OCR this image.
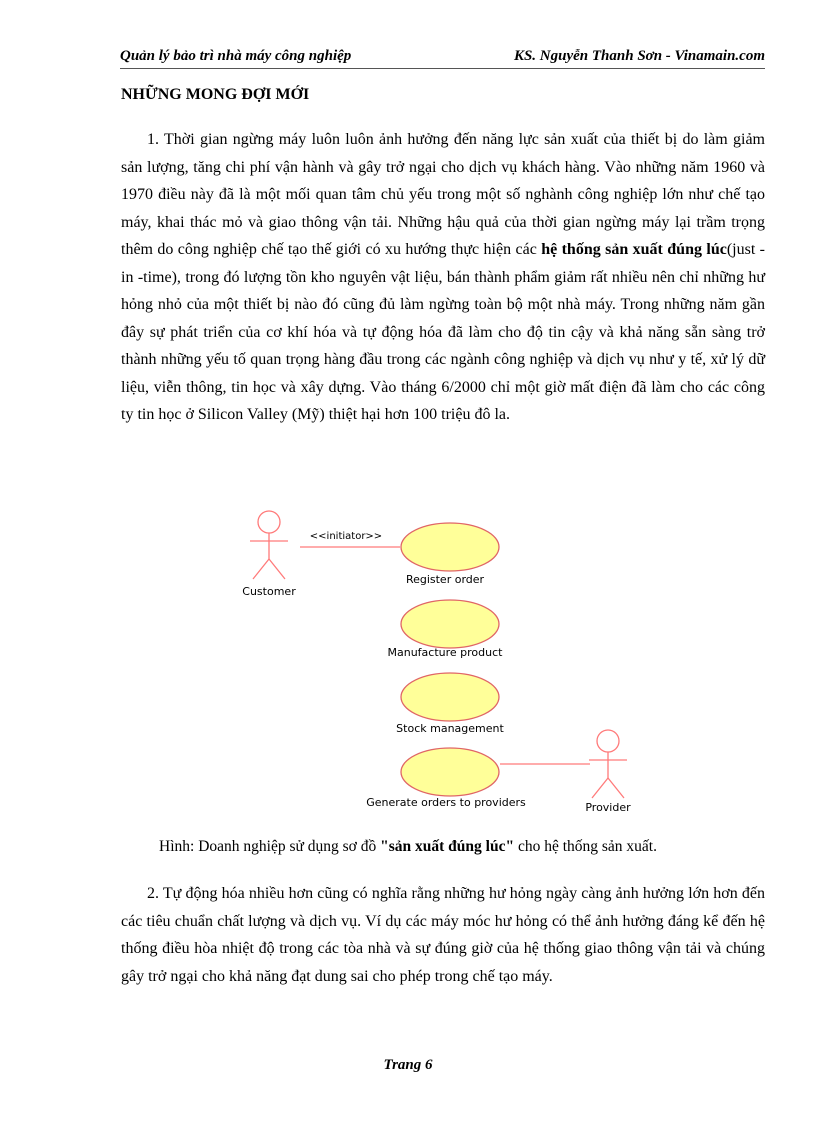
Quản lý bảo trì nhà máy công nghiệp	KS. Nguyễn Thanh Sơn - Vinamain.com
NHỮNG MONG ĐỢI MỚI

1. Thời gian ngừng máy luôn luôn ảnh hưởng đến năng lực sản xuất của thiết bị do làm giảm sản lượng, tăng chi phí vận hành và gây trở ngại cho dịch vụ khách hàng. Vào những năm 1960 và 1970 điều này đã là một mối quan tâm chủ yếu trong một số nghành công nghiệp lớn như chế tạo máy, khai thác mỏ và giao thông vận tải. Những hậu quả của thời gian ngừng máy lại trầm trọng thêm do công nghiệp chế tạo thế giới có xu hướng thực hiện các hệ thống sản xuất đúng lúc(just -in -time), trong đó lượng tồn kho nguyên vật liệu, bán thành phẩm giảm rất nhiều nên chỉ những hư hỏng nhỏ của một thiết bị nào đó cũng đủ làm ngừng toàn bộ một nhà máy. Trong những năm gần đây sự phát triển của cơ khí hóa và tự động hóa đã làm cho độ tin cậy và khả năng sẵn sàng trở thành những yếu tố quan trọng hàng đầu trong các ngành công nghiệp và dịch vụ như y tế, xử lý dữ liệu, viễn thông, tin học và xây dựng. Vào tháng 6/2000 chỉ một giờ mất điện đã làm cho các công ty tin học ở Silicon Valley (Mỹ) thiệt hại hơn 100 triệu đô la.

Customer
Provider
<<initiator>>
Register order
Manufacture product
Stock management
Generate orders to providers
Hình: Doanh nghiệp sử dụng sơ đồ "sản xuất đúng lúc" cho hệ thống sản xuất.

2. Tự động hóa nhiều hơn cũng có nghĩa rằng những hư hỏng ngày càng ảnh hưởng lớn hơn đến các tiêu chuẩn chất lượng và dịch vụ. Ví dụ các máy móc hư hỏng có thể ảnh hưởng đáng kể đến hệ thống điều hòa nhiệt độ trong các tòa nhà và sự đúng giờ của hệ thống giao thông vận tải và chúng gây trở ngại cho khả năng đạt dung sai cho phép trong chế tạo máy.

Trang 6
